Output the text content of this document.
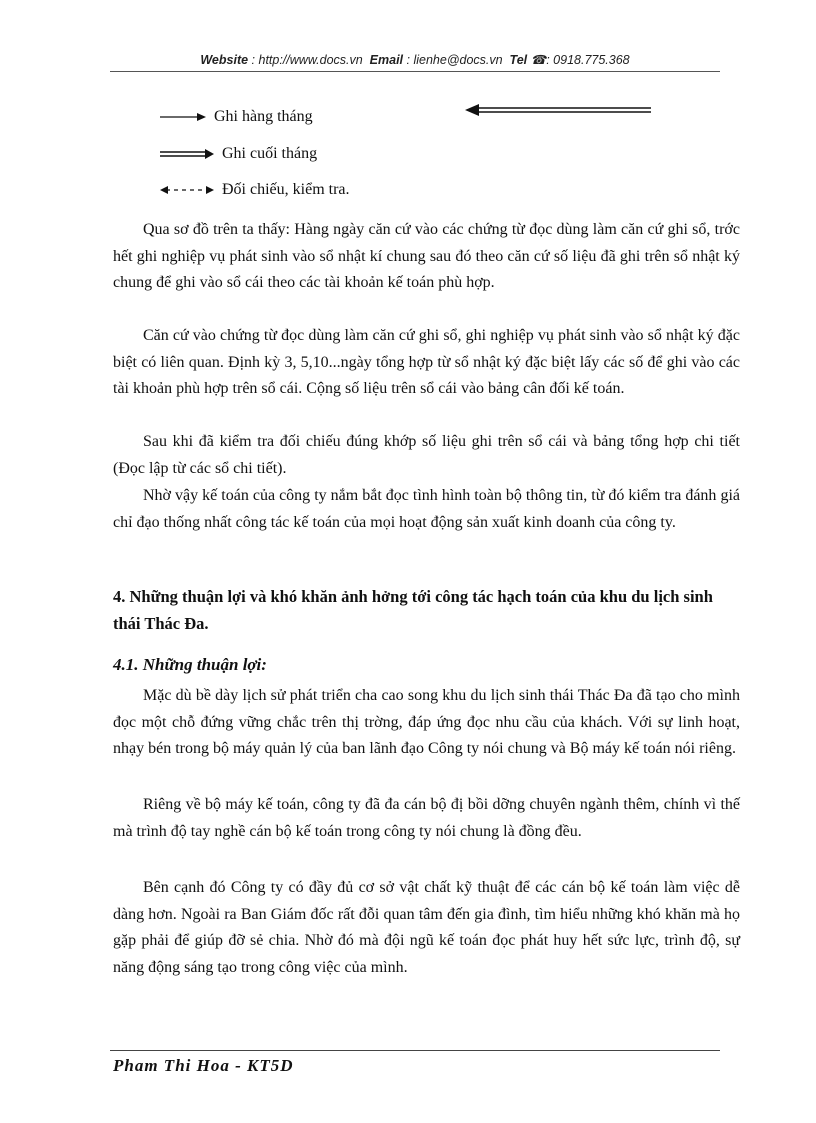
Website : http://www.docs.vn Email : lienhe@docs.vn Tel ☎: 0918.775.368
Ghi hàng tháng
Ghi cuối tháng
Đối chiếu, kiểm tra.
Qua sơ đồ trên ta thấy: Hàng ngày căn cứ vào các chứng từ đọc dùng làm căn cứ ghi sổ, trớc hết ghi nghiệp vụ phát sinh vào sổ nhật kí chung sau đó theo căn cứ số liệu đã ghi trên sổ nhật ký chung để ghi vào sổ cái theo các tài khoản kế toán phù hợp.
Căn cứ vào chứng từ đọc dùng làm căn cứ ghi sổ, ghi nghiệp vụ phát sinh vào sổ nhật ký đặc biệt có liên quan. Định kỳ 3, 5,10...ngày tổng hợp từ sổ nhật ký đặc biệt lấy các số để ghi vào các tài khoản phù hợp trên sổ cái. Cộng số liệu trên sổ cái vào bảng cân đối kế toán.
Sau khi đã kiểm tra đối chiếu đúng khớp số liệu ghi trên sổ cái và bảng tổng hợp chi tiết (Đọc lập từ các sổ chi tiết).
Nhờ vậy kế toán của công ty nắm bắt đọc tình hình toàn bộ thông tin, từ đó kiểm tra đánh giá chỉ đạo thống nhất công tác kế toán của mọi hoạt động sản xuất kinh doanh của công ty.
4. Những thuận lợi và khó khăn ảnh hởng tới công tác hạch toán của khu du lịch sinh thái Thác Đa.
4.1. Những thuận lợi:
Mặc dù bề dày lịch sử phát triển cha cao song khu du lịch sinh thái Thác Đa đã tạo cho mình đọc một chỗ đứng vững chắc trên thị trờng, đáp ứng đọc nhu cầu của khách. Với sự linh hoạt, nhạy bén trong bộ máy quản lý của ban lãnh đạo Công ty nói chung và Bộ máy kế toán nói riêng.
Riêng về bộ máy kế toán, công ty đã đa cán bộ đị bồi dỡng chuyên ngành thêm, chính vì thế mà trình độ tay nghề cán bộ kế toán trong công ty nói chung là đồng đều.
Bên cạnh đó Công ty có đầy đủ cơ sở vật chất kỹ thuật để các cán bộ kế toán làm việc dễ dàng hơn. Ngoài ra Ban Giám đốc rất đỗi quan tâm đến gia đình, tìm hiểu những khó khăn mà họ gặp phải để giúp đỡ sẻ chia. Nhờ đó mà đội ngũ kế toán đọc phát huy hết sức lực, trình độ, sự năng động sáng tạo trong công việc của mình.
Pham Thi Hoa - KT5D
